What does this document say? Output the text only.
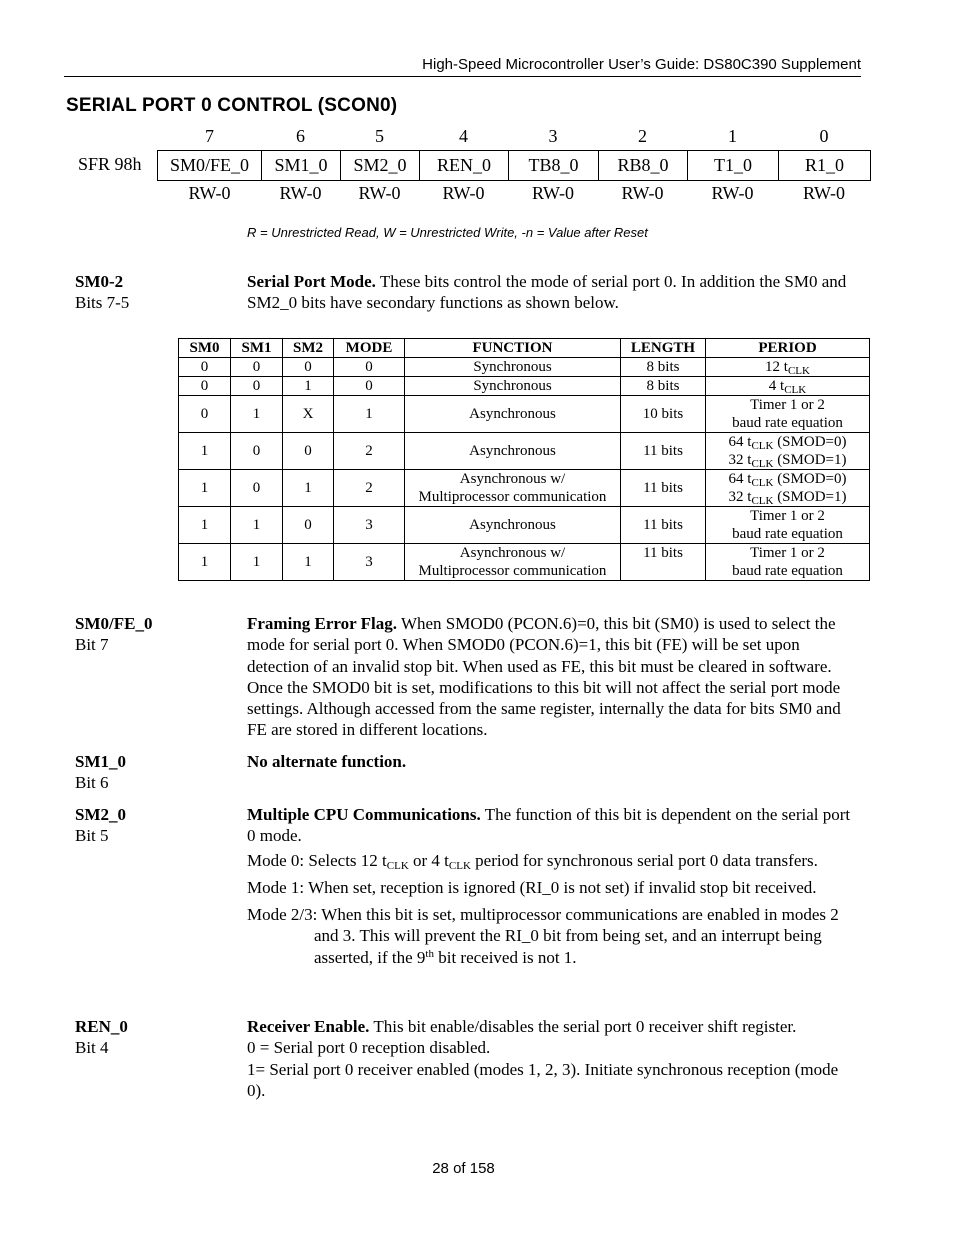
High-Speed Microcontroller User’s Guide: DS80C390 Supplement
SERIAL PORT 0 CONTROL (SCON0)
7	6	5	4	3	2	1	0
SFR 98h	SM0/FE_0	SM1_0	SM2_0	REN_0	TB8_0	RB8_0	T1_0	R1_0
RW-0	RW-0	RW-0	RW-0	RW-0	RW-0	RW-0	RW-0
R = Unrestricted Read, W = Unrestricted Write, -n = Value after Reset
SM0-2
Bits 7-5
Serial Port Mode. These bits control the mode of serial port 0. In addition the SM0 and SM2_0 bits have secondary functions as shown below.
SM0	SM1	SM2	MODE	FUNCTION	LENGTH	PERIOD
0	0	0	0	Synchronous	8 bits	12 $t_{CLK}$
0	0	1	0	Synchronous	8 bits	4 $t_{CLK}$
0	1	X	1	Asynchronous	10 bits	Timer 1 or 2
baud rate equation
1	0	0	2	Asynchronous	11 bits	64 $t_{CLK}$ (SMOD=0)
32 $t_{CLK}$ (SMOD=1)
1	0	1	2	Asynchronous w/
Multiprocessor communication	11 bits	64 $t_{CLK}$ (SMOD=0)
32 $t_{CLK}$ (SMOD=1)
1	1	0	3	Asynchronous	11 bits	Timer 1 or 2
baud rate equation
1	1	1	3	Asynchronous w/
Multiprocessor communication	11 bits	Timer 1 or 2
baud rate equation
SM0/FE_0
Bit 7
Framing Error Flag. When SMOD0 (PCON.6)=0, this bit (SM0) is used to select the mode for serial port 0. When SMOD0 (PCON.6)=1, this bit (FE) will be set upon detection of an invalid stop bit. When used as FE, this bit must be cleared in software. Once the SMOD0 bit is set, modifications to this bit will not affect the serial port mode settings. Although accessed from the same register, internally the data for bits SM0 and FE are stored in different locations.
SM1_0
Bit 6
No alternate function.
SM2_0
Bit 5
Multiple CPU Communications. The function of this bit is dependent on the serial port 0 mode.
Mode 0: Selects 12 $t_{CLK}$ or 4 $t_{CLK}$ period for synchronous serial port 0 data transfers.
Mode 1: When set, reception is ignored (RI_0 is not set) if invalid stop bit received.
Mode 2/3: When this bit is set, multiprocessor communications are enabled in modes 2 and 3. This will prevent the RI_0 bit from being set, and an interrupt being asserted, if the 9th bit received is not 1.
REN_0
Bit 4
Receiver Enable. This bit enable/disables the serial port 0 receiver shift register.
0 = Serial port 0 reception disabled.
1= Serial port 0 receiver enabled (modes 1, 2, 3). Initiate synchronous reception (mode 0).
28 of 158
